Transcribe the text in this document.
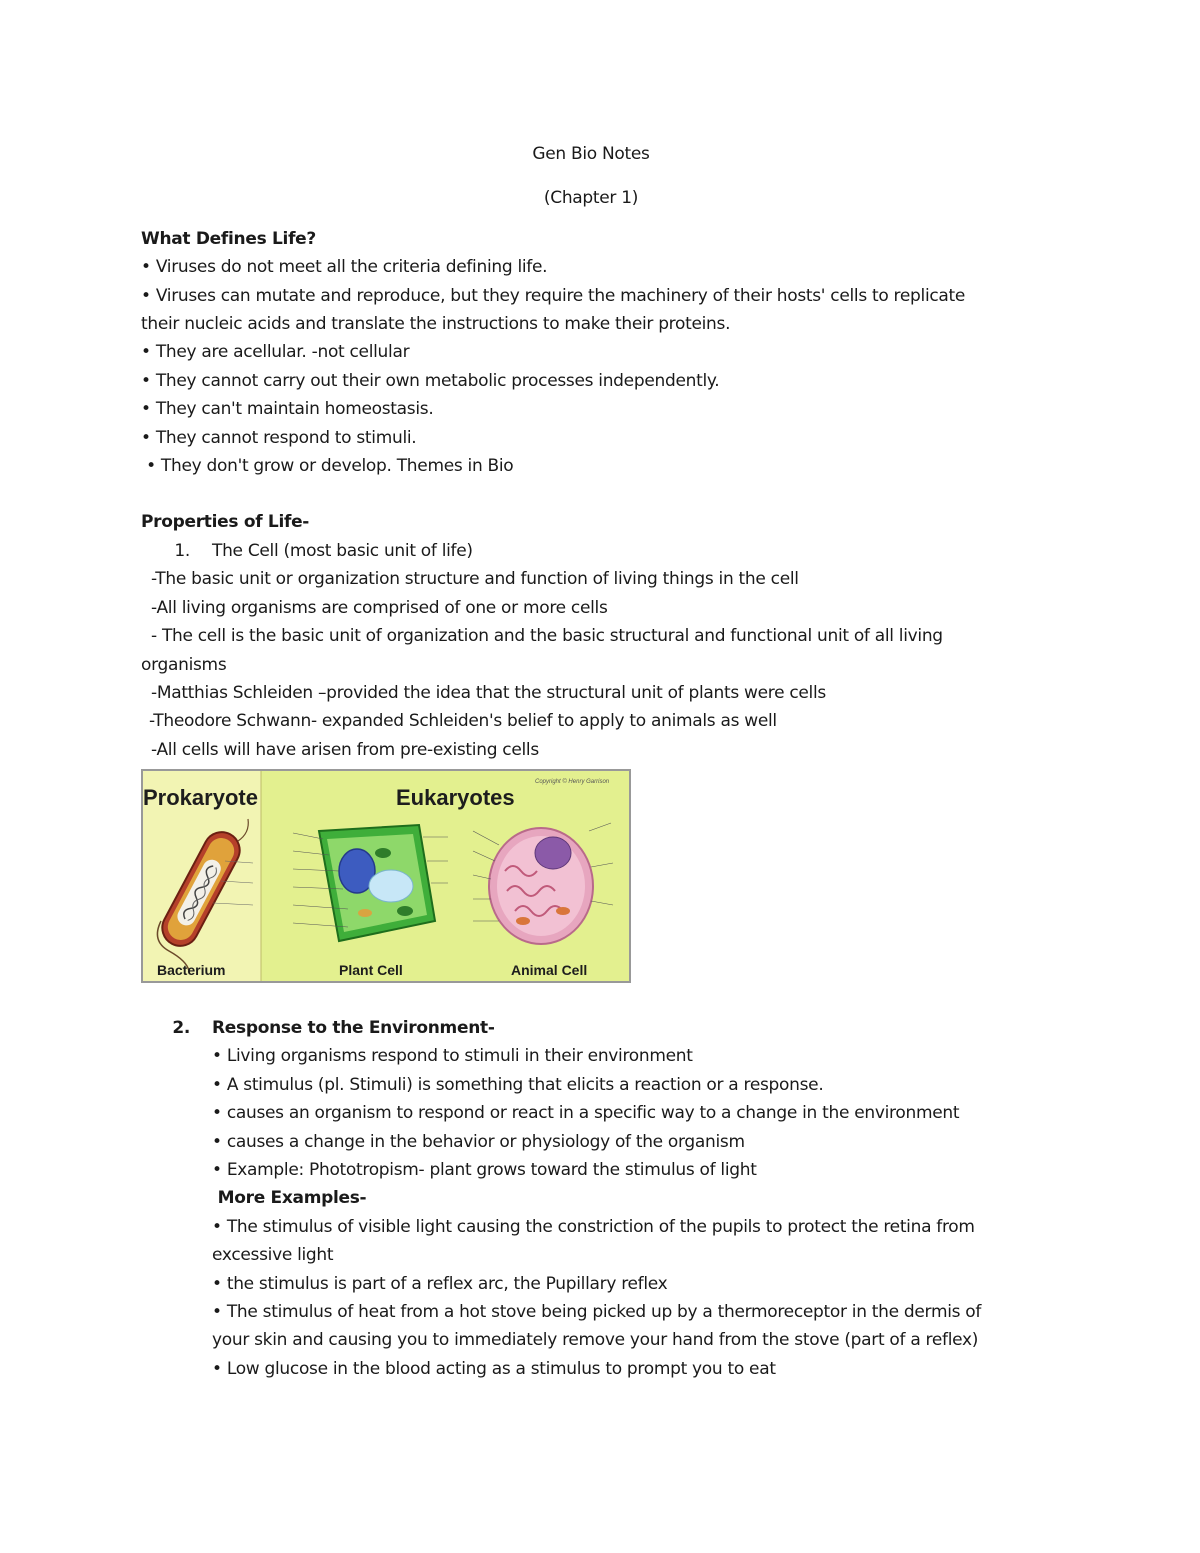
Gen Bio Notes
(Chapter 1)
What Defines Life?

• Viruses do not meet all the criteria defining life.

• Viruses can mutate and reproduce, but they require the machinery of their hosts' cells to replicate

their nucleic acids and translate the instructions to make their proteins.

• They are acellular. -not cellular

• They cannot carry out their own metabolic processes independently.

• They can't maintain homeostasis.

• They cannot respond to stimuli.

• They don't grow or develop. Themes in Bio

Properties of Life-
1.	The Cell (most basic unit of life)

-The basic unit or organization structure and function of living things in the cell

-All living organisms are comprised of one or more cells

- The cell is the basic unit of organization and the basic structural and functional unit of all living

organisms

-Matthias Schleiden –provided the idea that the structural unit of plants were cells

-Theodore Schwann- expanded Schleiden's belief to apply to animals as well

-All cells will have arisen from pre-existing cells

Prokaryote	Eukaryotes
Copyright © Henry Garrison
Bacterium	Plant Cell	Animal Cell
2.	Response to the Environment-

• Living organisms respond to stimuli in their environment

• A stimulus (pl. Stimuli) is something that elicits a reaction or a response.

• causes an organism to respond or react in a specific way to a change in the environment

• causes a change in the behavior or physiology of the organism

• Example: Phototropism- plant grows toward the stimulus of light

More Examples-

• The stimulus of visible light causing the constriction of the pupils to protect the retina from

excessive light

• the stimulus is part of a reflex arc, the Pupillary reflex

• The stimulus of heat from a hot stove being picked up by a thermoreceptor in the dermis of

your skin and causing you to immediately remove your hand from the stove (part of a reflex)

• Low glucose in the blood acting as a stimulus to prompt you to eat
